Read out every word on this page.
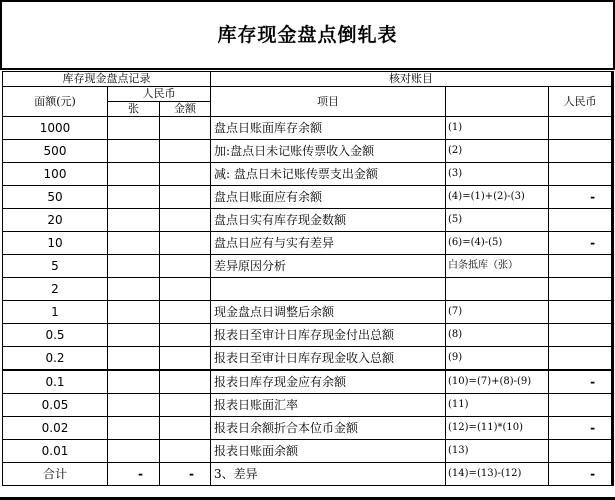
库存现金盘点倒轧表
库存现金盘点记录			核对账目		
面额(元)	人民币		项目		人民币
	张	金额			
1000			盘点日账面库存余额	(1)	
500			加:盘点日未记账传票收入金额	(2)	
100			减: 盘点日未记账传票支出金额	(3)	
50			盘点日账面应有余额	(4)=(1)+(2)-(3)	-
20			盘点日实有库存现金数额	(5)	
10			盘点日应有与实有差异	(6)=(4)-(5)	-
5			差异原因分析	白条抵库（张）	
2					
1			现金盘点日调整后余额	(7)	
0.5			报表日至审计日库存现金付出总额	(8)	
0.2			报表日至审计日库存现金收入总额	(9)	
0.1			报表日库存现金应有余额	(10)=(7)+(8)-(9)	-
0.05			报表日账面汇率	(11)	
0.02			报表日余额折合本位币金额	(12)=(11)*(10)	-
0.01			报表日账面余额	(13)	
合计	-	-	3、差异	(14)=(13)-(12)	-
